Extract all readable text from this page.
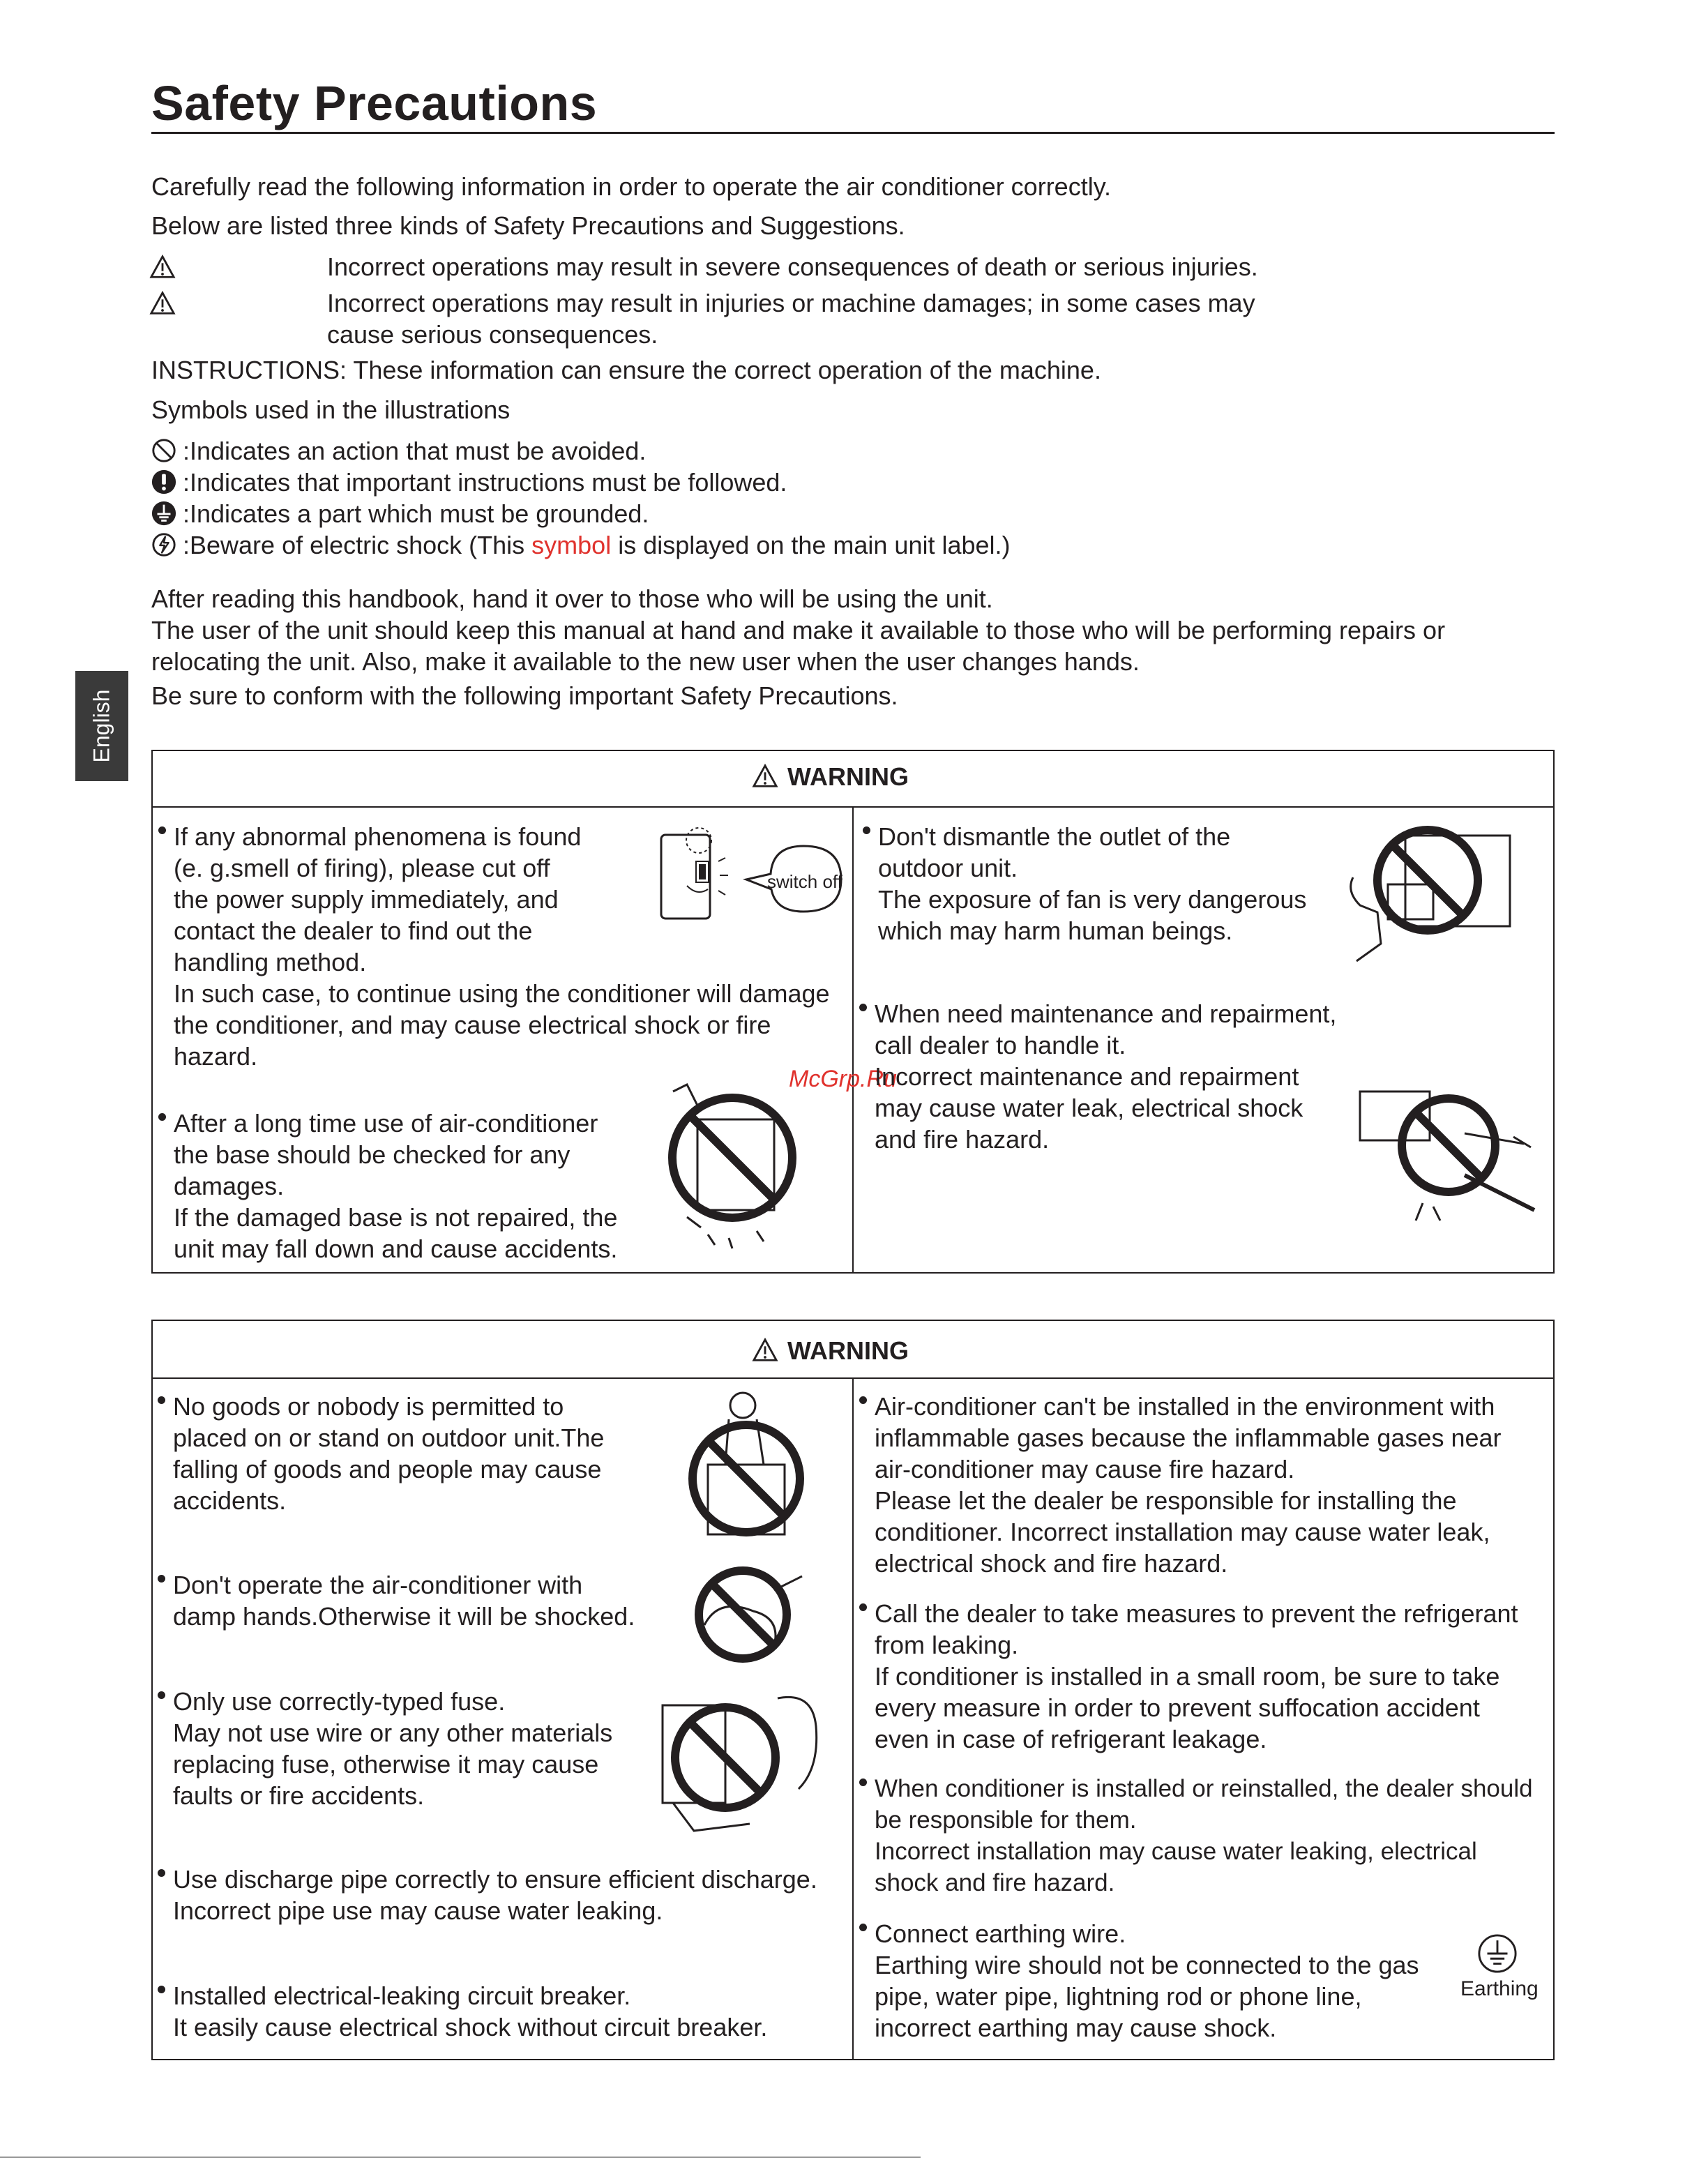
Safety Precautions
Carefully read the following information in order to operate the air conditioner correctly.
Below are listed three kinds of Safety Precautions and Suggestions.
Incorrect operations may result in severe consequences of death or serious injuries.
Incorrect operations may result in injuries or machine damages; in some cases may
cause serious consequences.
INSTRUCTIONS: These information can ensure the correct operation of the machine.
Symbols used in the illustrations
:Indicates an action that must be avoided.
:Indicates that important instructions must be followed.
:Indicates a part which must be grounded.
:Beware of electric shock (This symbol is displayed on the main unit label.)
After reading this handbook, hand it over to those who will be using the unit.
The user of the unit should keep this manual at hand and make it available to those who will be performing repairs or
relocating the unit. Also, make it available to the new user when the user changes hands.
Be sure to conform with the following important Safety Precautions.
English
WARNING
If any abnormal phenomena is found
(e. g.smell of firing), please cut off
the power supply immediately, and
contact the dealer to find out the
handling method.
In such case, to continue using the conditioner will damage
the conditioner, and may cause electrical shock or fire
hazard.
switch off
After a long time use of air-conditioner
the base should be checked for any
damages.
If the damaged base is not repaired, the
unit may fall down and cause accidents.
Don't dismantle the outlet of the
outdoor unit.
The exposure of fan is very dangerous
which may harm human beings.
McGrp.Ru
When need maintenance and repairment,
call dealer to handle it.
Incorrect maintenance and repairment
may cause water leak, electrical shock
and fire hazard.
WARNING
No goods or nobody is permitted to
placed on or stand on outdoor unit.The
falling of goods and people may cause
accidents.
Don't operate the air-conditioner with
damp hands.Otherwise it will be shocked.
Only use correctly-typed fuse.
May not use wire or any other materials
replacing fuse, otherwise it may cause
faults or fire accidents.
Use discharge pipe correctly to ensure efficient discharge.
Incorrect pipe use may cause water leaking.
Installed electrical-leaking circuit breaker.
It easily cause electrical shock without circuit breaker.
Air-conditioner can't be installed in the environment with
inflammable gases because the inflammable gases near
air-conditioner may cause fire hazard.
Please let the dealer be responsible for installing the
conditioner. Incorrect installation may cause water leak,
electrical shock and fire hazard.
Call the dealer to take measures to prevent the refrigerant
from leaking.
If conditioner is installed in a small room, be sure to take
every measure in order to prevent suffocation accident
even in case of refrigerant leakage.
When conditioner is installed or reinstalled, the dealer should
be responsible for them.
Incorrect installation may cause water leaking, electrical
shock and fire hazard.
Connect earthing wire.
Earthing wire should not be connected to the gas
pipe, water pipe, lightning rod or phone line,
incorrect earthing may cause shock.
Earthing
